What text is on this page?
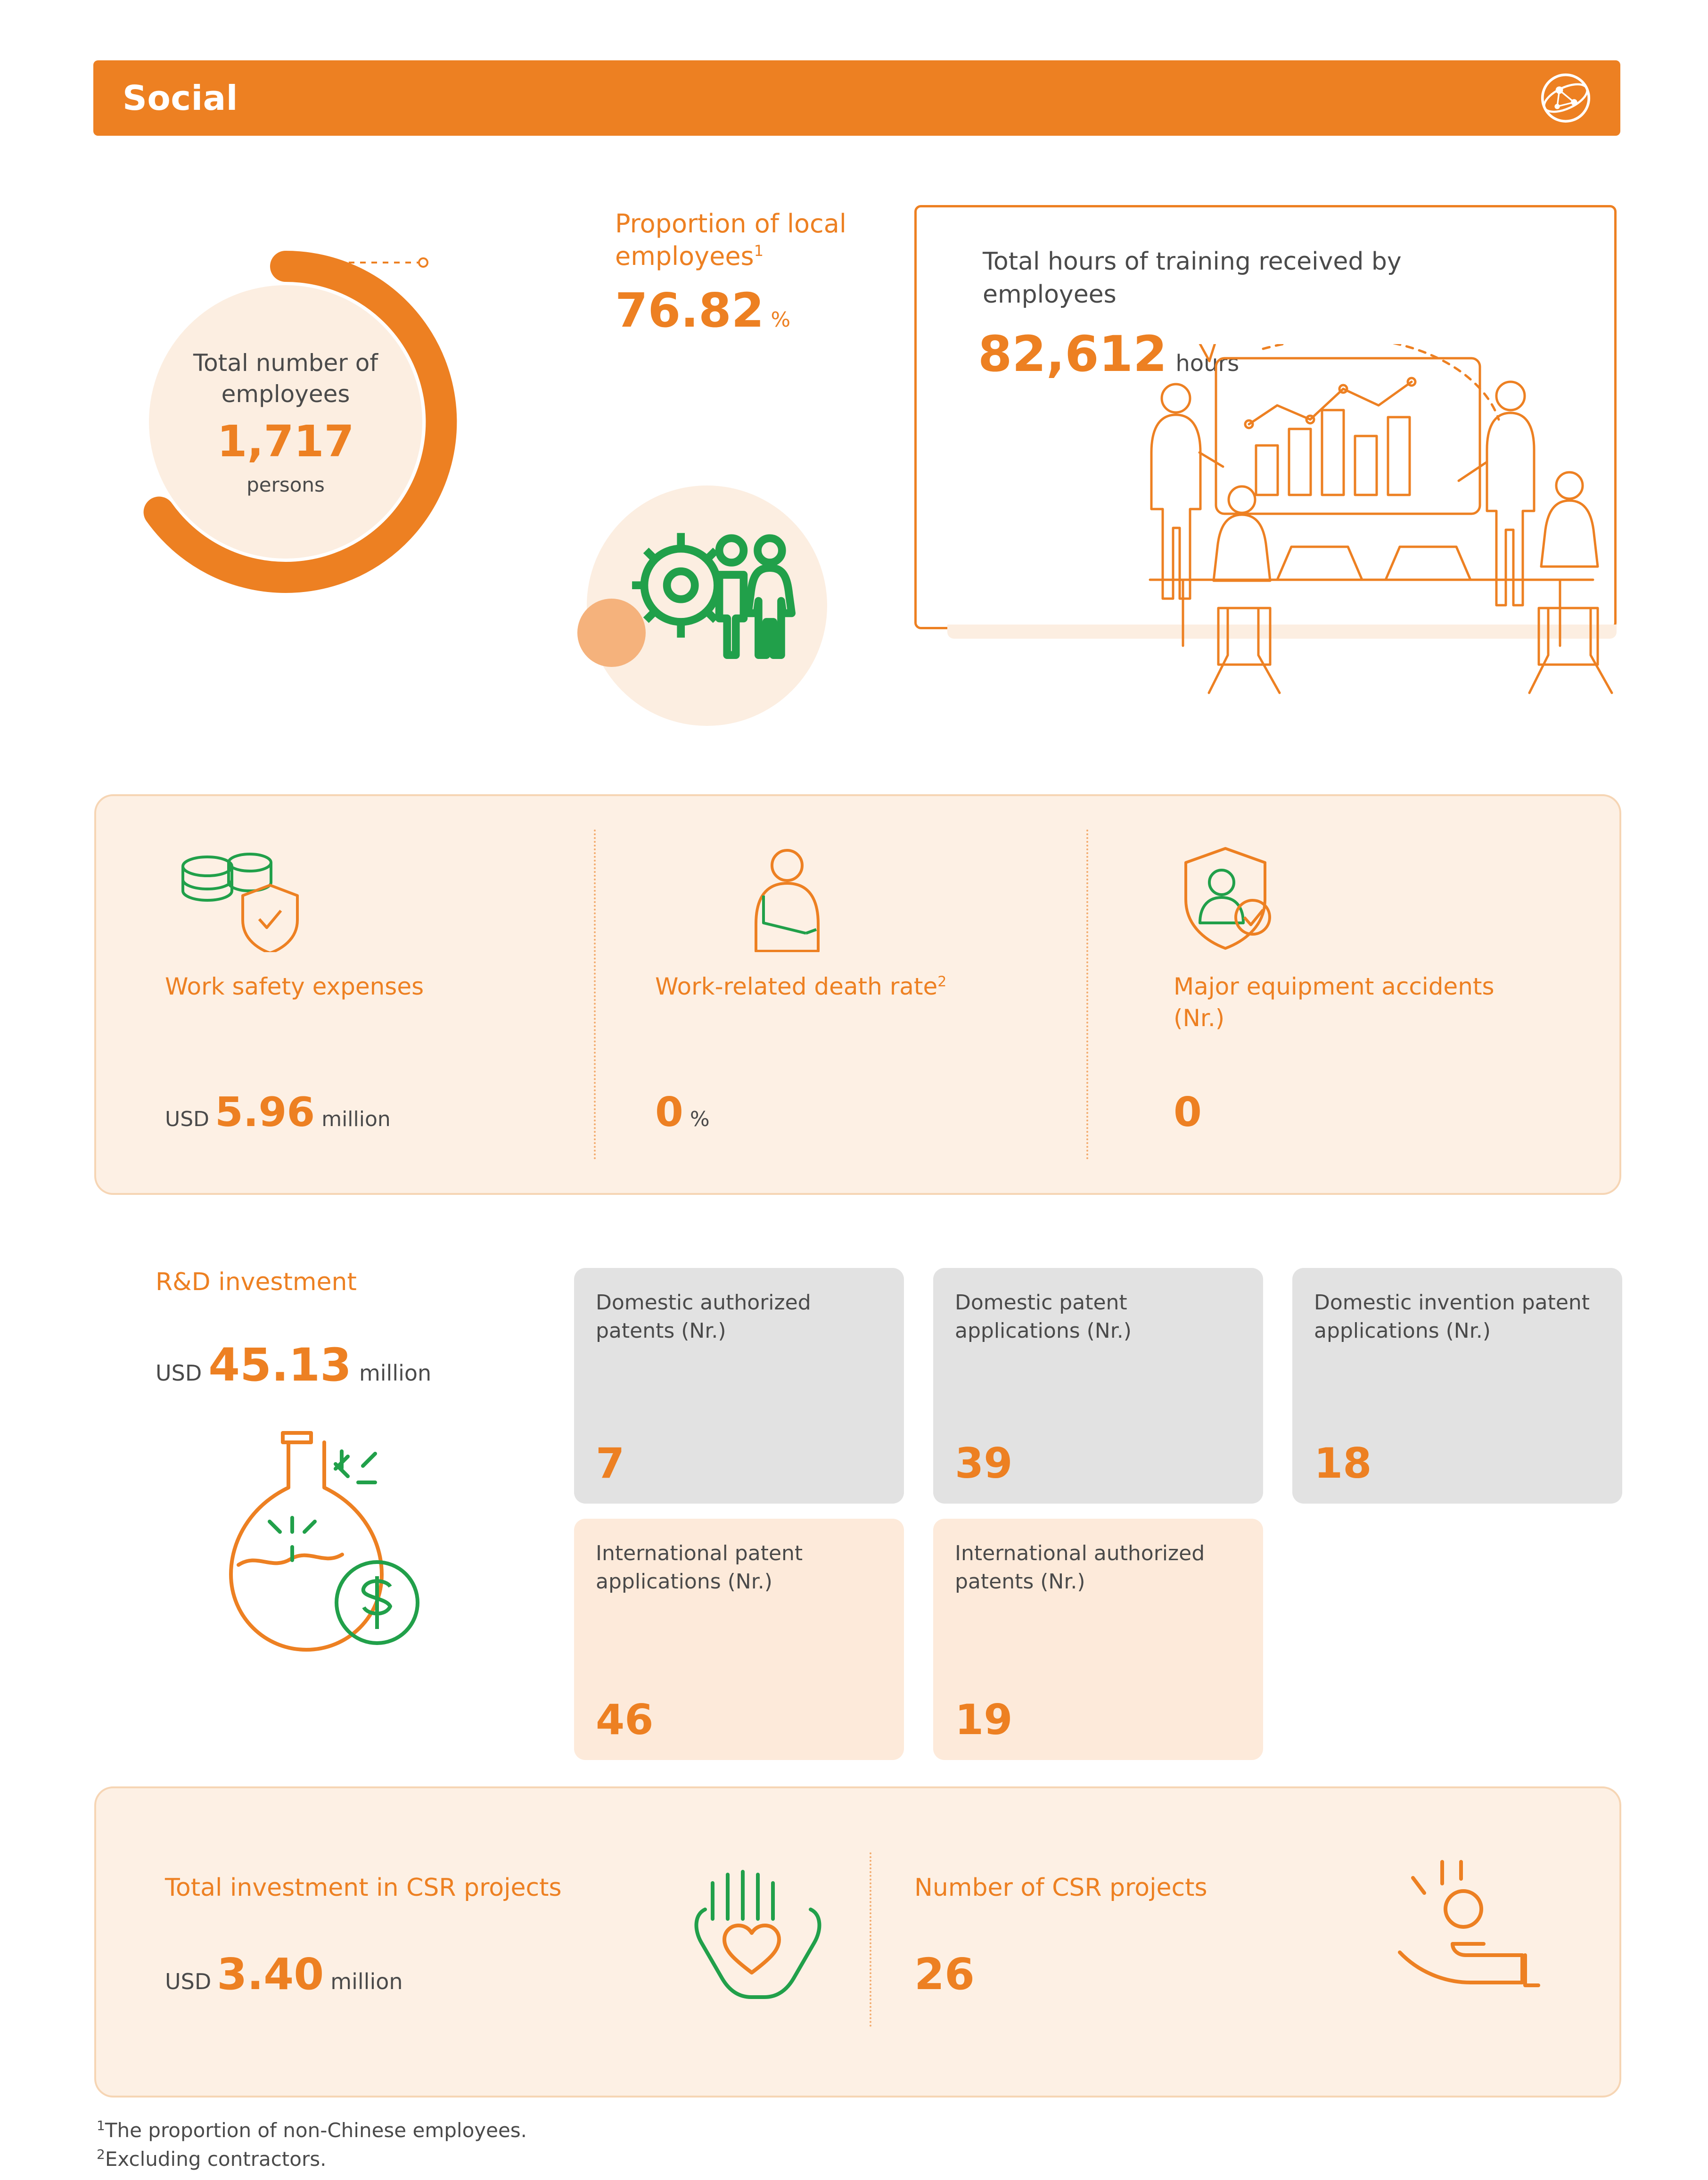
Social
Total number of employees
1,717
persons
Proportion of local employees$^1$
76.82 %
Total hours of training received by employees
82,612 hours
Work safety expenses
USD 5.96 million
Work-related death rate$^2$
0 %
Major equipment accidents (Nr.)
0
R&D investment
USD 45.13 million
Domestic authorized patents (Nr.)
7
Domestic patent applications (Nr.)
39
Domestic invention patent applications (Nr.)
18
International patent applications (Nr.)
46
International authorized patents (Nr.)
19
Total investment in CSR projects
USD 3.40 million
Number of CSR projects
26
$^1$The proportion of non-Chinese employees.
$^2$Excluding contractors.
